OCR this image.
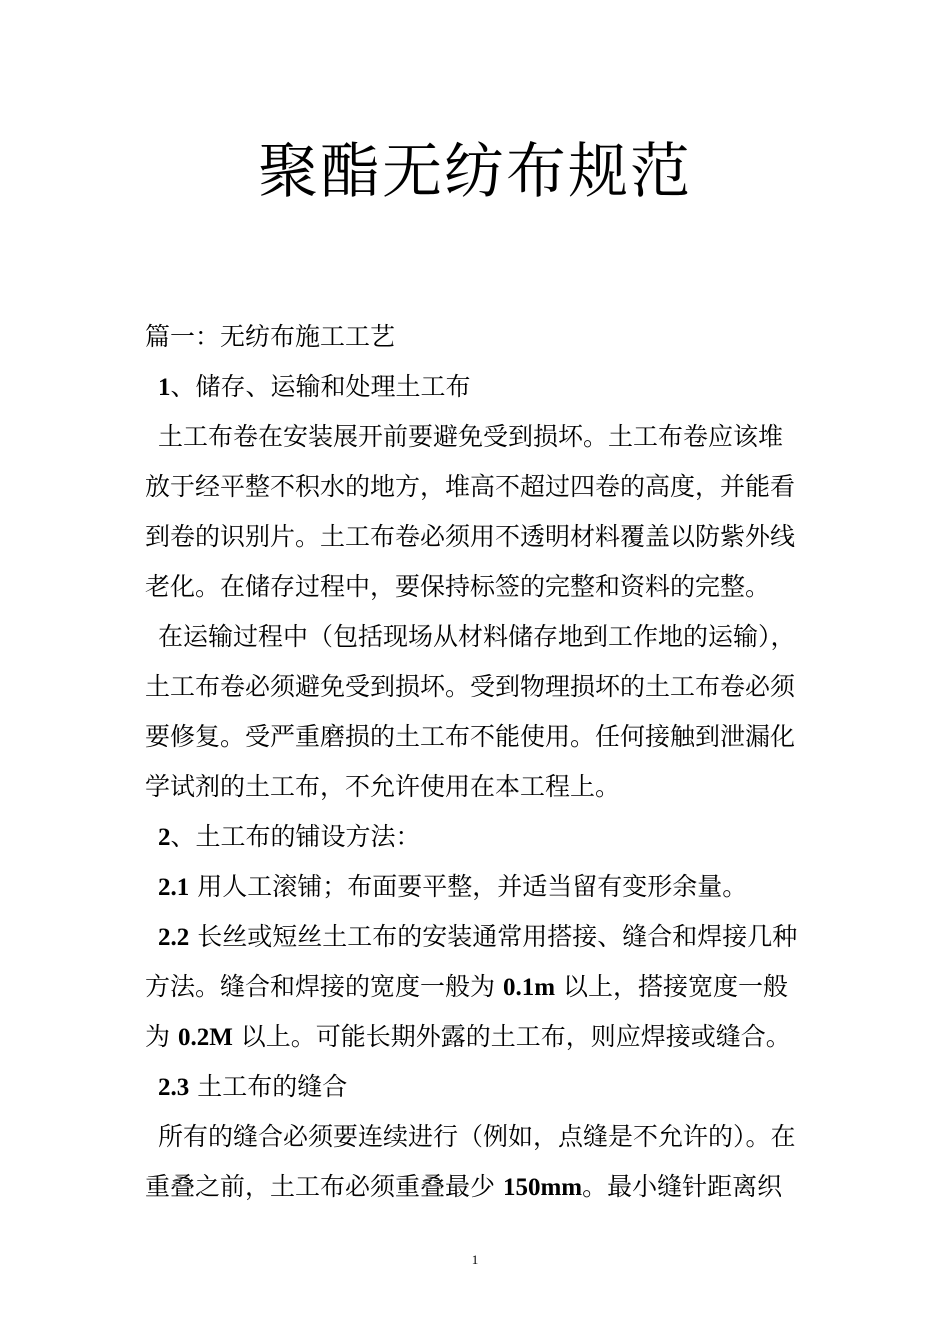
聚酯无纺布规范
篇一：无纺布施工工艺
1、储存、运输和处理土工布
土工布卷在安装展开前要避免受到损坏。土工布卷应该堆
放于经平整不积水的地方，堆高不超过四卷的高度，并能看
到卷的识别片。土工布卷必须用不透明材料覆盖以防紫外线
老化。在储存过程中，要保持标签的完整和资料的完整。
在运输过程中（包括现场从材料储存地到工作地的运输），
土工布卷必须避免受到损坏。受到物理损坏的土工布卷必须
要修复。受严重磨损的土工布不能使用。任何接触到泄漏化
学试剂的土工布，不允许使用在本工程上。
2、土工布的铺设方法：
2.1 用人工滚铺；布面要平整，并适当留有变形余量。
2.2 长丝或短丝土工布的安装通常用搭接、缝合和焊接几种
方法。缝合和焊接的宽度一般为 0.1m 以上，搭接宽度一般
为 0.2M 以上。可能长期外露的土工布，则应焊接或缝合。
2.3 土工布的缝合
所有的缝合必须要连续进行（例如，点缝是不允许的）。在
重叠之前，土工布必须重叠最少 150mm。最小缝针距离织
1
